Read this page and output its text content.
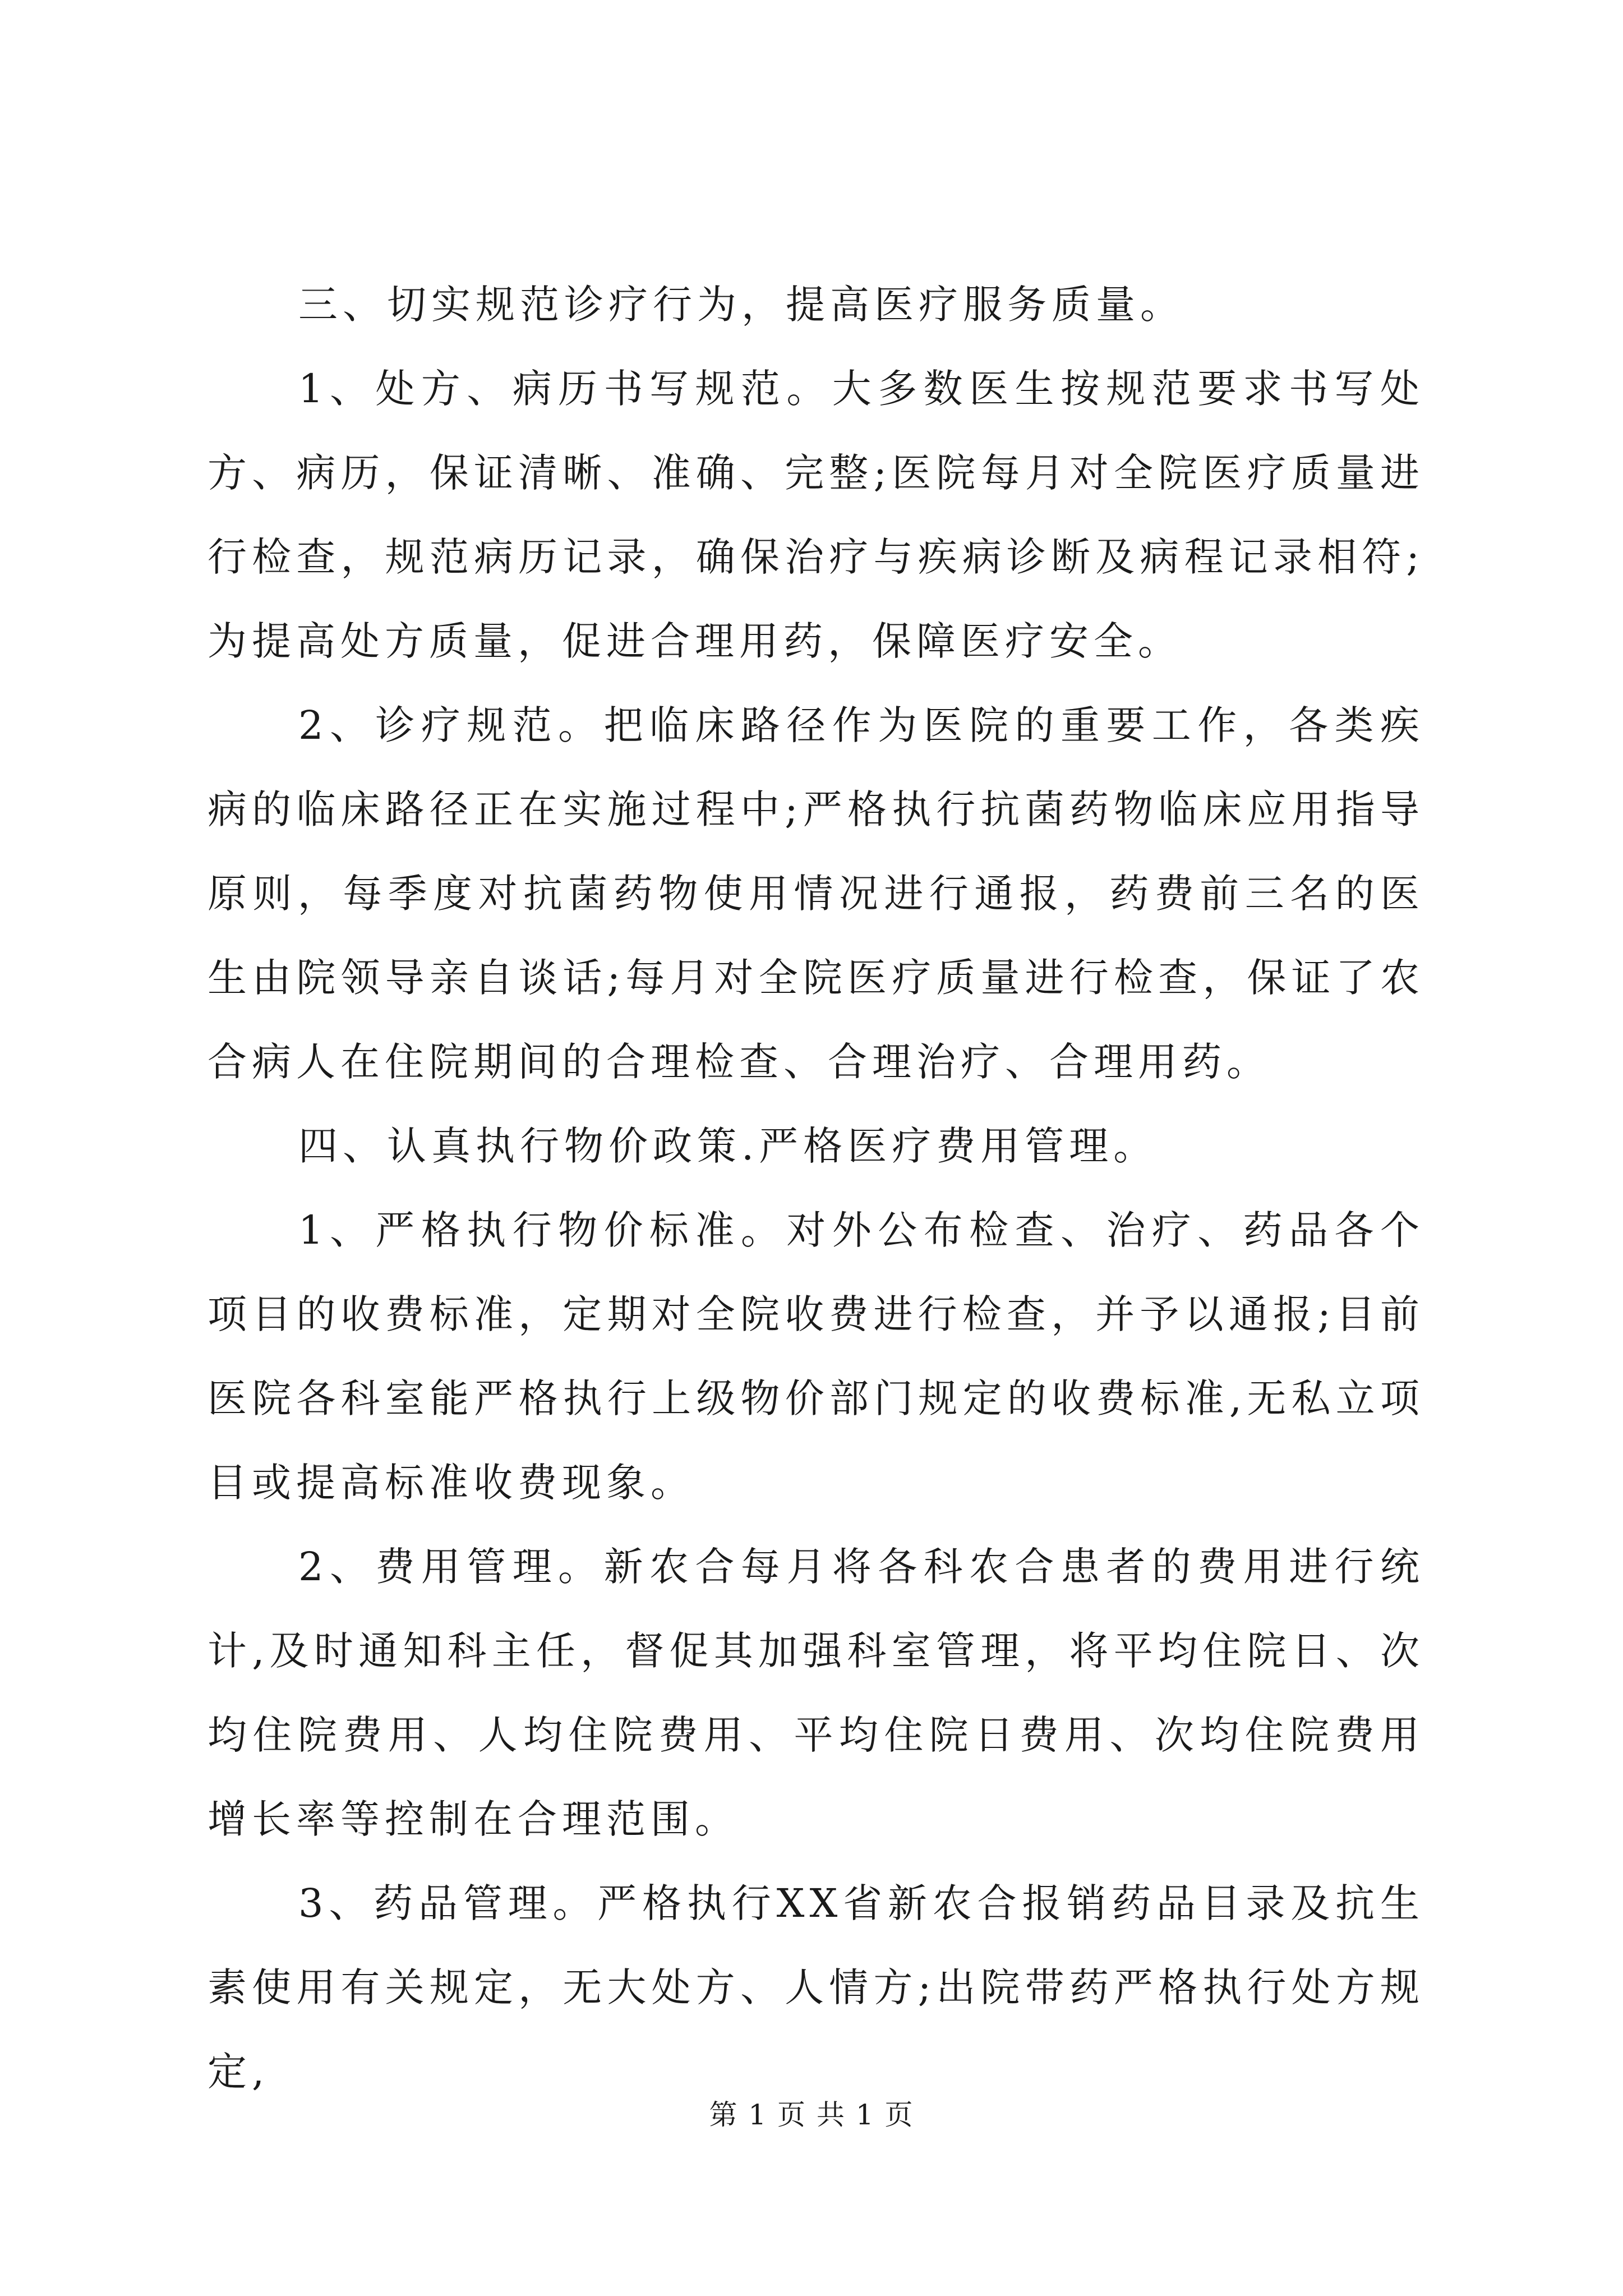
三、切实规范诊疗行为，提高医疗服务质量。

1、处方、病历书写规范。大多数医生按规范要求书写处方、病历，保证清晰、准确、完整;医院每月对全院医疗质量进行检查，规范病历记录，确保治疗与疾病诊断及病程记录相符;为提高处方质量，促进合理用药，保障医疗安全。

2、诊疗规范。把临床路径作为医院的重要工作，各类疾病的临床路径正在实施过程中;严格执行抗菌药物临床应用指导原则，每季度对抗菌药物使用情况进行通报，药费前三名的医生由院领导亲自谈话;每月对全院医疗质量进行检查，保证了农合病人在住院期间的合理检查、合理治疗、合理用药。

四、认真执行物价政策.严格医疗费用管理。

1、严格执行物价标准。对外公布检查、治疗、药品各个项目的收费标准，定期对全院收费进行检查，并予以通报;目前医院各科室能严格执行上级物价部门规定的收费标准,无私立项目或提高标准收费现象。

2、费用管理。新农合每月将各科农合患者的费用进行统计,及时通知科主任，督促其加强科室管理，将平均住院日、次均住院费用、人均住院费用、平均住院日费用、次均住院费用增长率等控制在合理范围。

3、药品管理。严格执行XX省新农合报销药品目录及抗生素使用有关规定，无大处方、人情方;出院带药严格执行处方规定,

第 1 页 共 1 页
